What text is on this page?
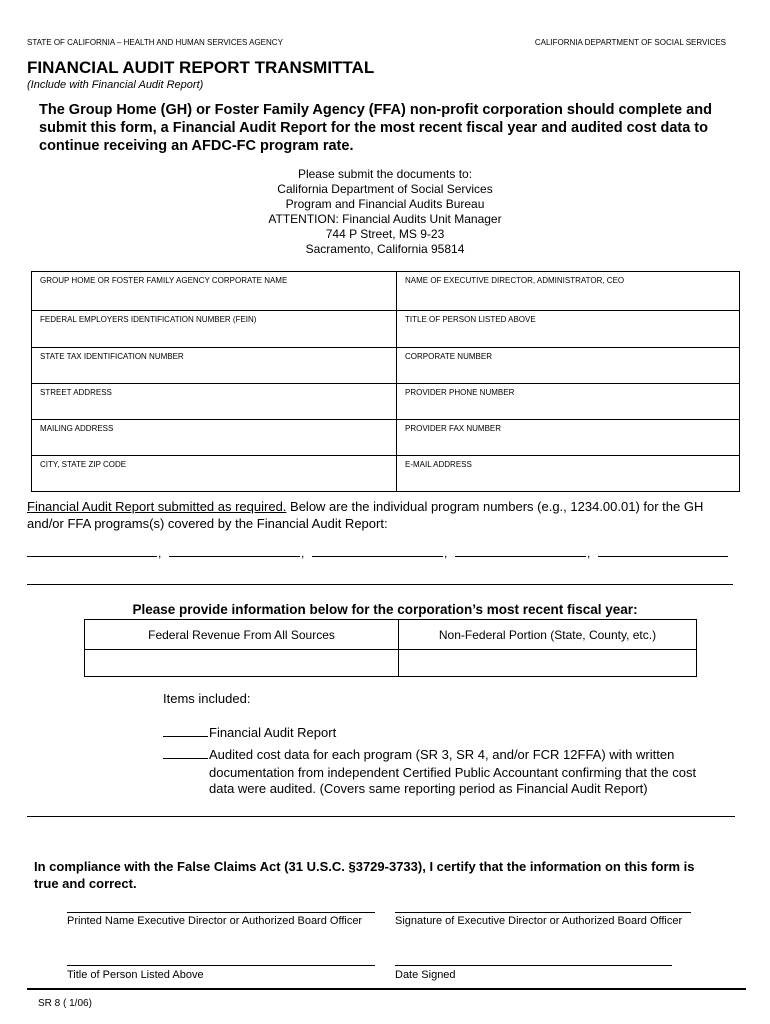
STATE OF CALIFORNIA – HEALTH AND HUMAN SERVICES AGENCY	CALIFORNIA DEPARTMENT OF SOCIAL SERVICES
FINANCIAL AUDIT REPORT TRANSMITTAL
(Include with Financial Audit Report)
The Group Home (GH) or Foster Family Agency (FFA) non-profit corporation should complete and submit this form, a Financial Audit Report for the most recent fiscal year and audited cost data to continue receiving an AFDC-FC program rate.
Please submit the documents to:
California Department of Social Services
Program and Financial Audits Bureau
ATTENTION: Financial Audits Unit Manager
744 P Street, MS 9-23
Sacramento, California 95814
GROUP HOME OR FOSTER FAMILY AGENCY CORPORATE NAME	NAME OF EXECUTIVE DIRECTOR, ADMINISTRATOR, CEO
FEDERAL EMPLOYERS IDENTIFICATION NUMBER (FEIN)	TITLE OF PERSON LISTED ABOVE
STATE TAX IDENTIFICATION NUMBER	CORPORATE NUMBER
STREET ADDRESS	PROVIDER PHONE NUMBER
MAILING ADDRESS	PROVIDER FAX NUMBER
CITY, STATE ZIP CODE	E-MAIL ADDRESS
Financial Audit Report submitted as required. Below are the individual program numbers (e.g., 1234.00.01) for the GH and/or FFA programs(s) covered by the Financial Audit Report:
,	,	,	,
Please provide information below for the corporation’s most recent fiscal year:
Federal Revenue From All Sources	Non-Federal Portion (State, County, etc.)

Items included:
Financial Audit Report
Audited cost data for each program (SR 3, SR 4, and/or FCR 12FFA) with written
documentation from independent Certified Public Accountant confirming that the cost
data were audited. (Covers same reporting period as Financial Audit Report)
In compliance with the False Claims Act (31 U.S.C. §3729-3733), I certify that the information on this form is true and correct.
Printed Name Executive Director or Authorized Board Officer	Signature of Executive Director or Authorized Board Officer
Title of Person Listed Above	Date Signed
SR 8 ( 1/06)
